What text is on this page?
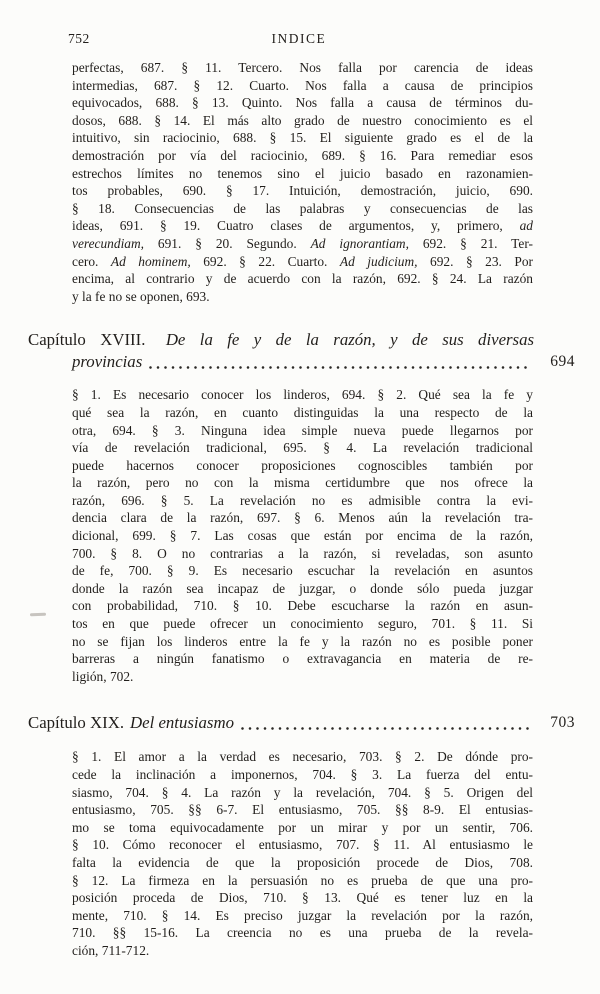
752	INDICE
perfectas, 687. § 11. Tercero. Nos falla por carencia de ideas
intermedias, 687. § 12. Cuarto. Nos falla a causa de principios
equivocados, 688. § 13. Quinto. Nos falla a causa de términos du-
dosos, 688. § 14. El más alto grado de nuestro conocimiento es el
intuitivo, sin raciocinio, 688. § 15. El siguiente grado es el de la
demostración por vía del raciocinio, 689. § 16. Para remediar esos
estrechos límites no tenemos sino el juicio basado en razonamien-
tos probables, 690. § 17. Intuición, demostración, juicio, 690.
§ 18. Consecuencias de las palabras y consecuencias de las
ideas, 691. § 19. Cuatro clases de argumentos, y, primero, ad
verecundiam, 691. § 20. Segundo. Ad ignorantiam, 692. § 21. Ter-
cero. Ad hominem, 692. § 22. Cuarto. Ad judicium, 692. § 23. Por
encima, al contrario y de acuerdo con la razón, 692. § 24. La razón
y la fe no se oponen, 693.
Capítulo XVIII. De la fe y de la razón, y de sus diversas
provincias	694
§ 1. Es necesario conocer los linderos, 694. § 2. Qué sea la fe y
qué sea la razón, en cuanto distinguidas la una respecto de la
otra, 694. § 3. Ninguna idea simple nueva puede llegarnos por
vía de revelación tradicional, 695. § 4. La revelación tradicional
puede hacernos conocer proposiciones cognoscibles también por
la razón, pero no con la misma certidumbre que nos ofrece la
razón, 696. § 5. La revelación no es admisible contra la evi-
dencia clara de la razón, 697. § 6. Menos aún la revelación tra-
dicional, 699. § 7. Las cosas que están por encima de la razón,
700. § 8. O no contrarias a la razón, si reveladas, son asunto
de fe, 700. § 9. Es necesario escuchar la revelación en asuntos
donde la razón sea incapaz de juzgar, o donde sólo pueda juzgar
con probabilidad, 710. § 10. Debe escucharse la razón en asun-
tos en que puede ofrecer un conocimiento seguro, 701. § 11. Si
no se fijan los linderos entre la fe y la razón no es posible poner
barreras a ningún fanatismo o extravagancia en materia de re-
ligión, 702.
Capítulo XIX. Del entusiasmo	703
§ 1. El amor a la verdad es necesario, 703. § 2. De dónde pro-
cede la inclinación a imponernos, 704. § 3. La fuerza del entu-
siasmo, 704. § 4. La razón y la revelación, 704. § 5. Origen del
entusiasmo, 705. §§ 6-7. El entusiasmo, 705. §§ 8-9. El entusias-
mo se toma equivocadamente por un mirar y por un sentir, 706.
§ 10. Cómo reconocer el entusiasmo, 707. § 11. Al entusiasmo le
falta la evidencia de que la proposición procede de Dios, 708.
§ 12. La firmeza en la persuasión no es prueba de que una pro-
posición proceda de Dios, 710. § 13. Qué es tener luz en la
mente, 710. § 14. Es preciso juzgar la revelación por la razón,
710. §§ 15-16. La creencia no es una prueba de la revela-
ción, 711-712.
